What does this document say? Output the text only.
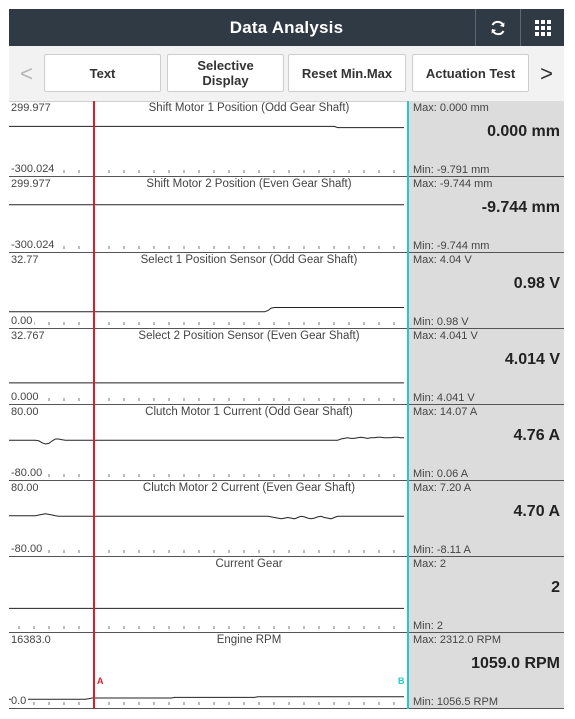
Data Analysis
<	Text	Selective
Display	Reset Min.Max	Actuation Test	>
299.977
-300.024
Shift Motor 1 Position (Odd Gear Shaft)	Max: 0.000 mm
0.000 mm
Min: -9.791 mm
299.977
-300.024
Shift Motor 2 Position (Even Gear Shaft)	Max: -9.744 mm
-9.744 mm
Min: -9.744 mm
32.77
0.00
Select 1 Position Sensor (Odd Gear Shaft)	Max: 4.04 V
0.98 V
Min: 0.98 V
32.767
0.000
Select 2 Position Sensor (Even Gear Shaft)	Max: 4.041 V
4.014 V
Min: 4.041 V
80.00
-80.00
Clutch Motor 1 Current (Odd Gear Shaft)	Max: 14.07 A
4.76 A
Min: 0.06 A
80.00
-80.00
Clutch Motor 2 Current (Even Gear Shaft)	Max: 7.20 A
4.70 A
Min: -8.11 A
Current Gear	Max: 2
2
Min: 2
16383.0
0.0
Engine RPM	Max: 2312.0 RPM
1059.0 RPM
Min: 1056.5 RPM
A	B
